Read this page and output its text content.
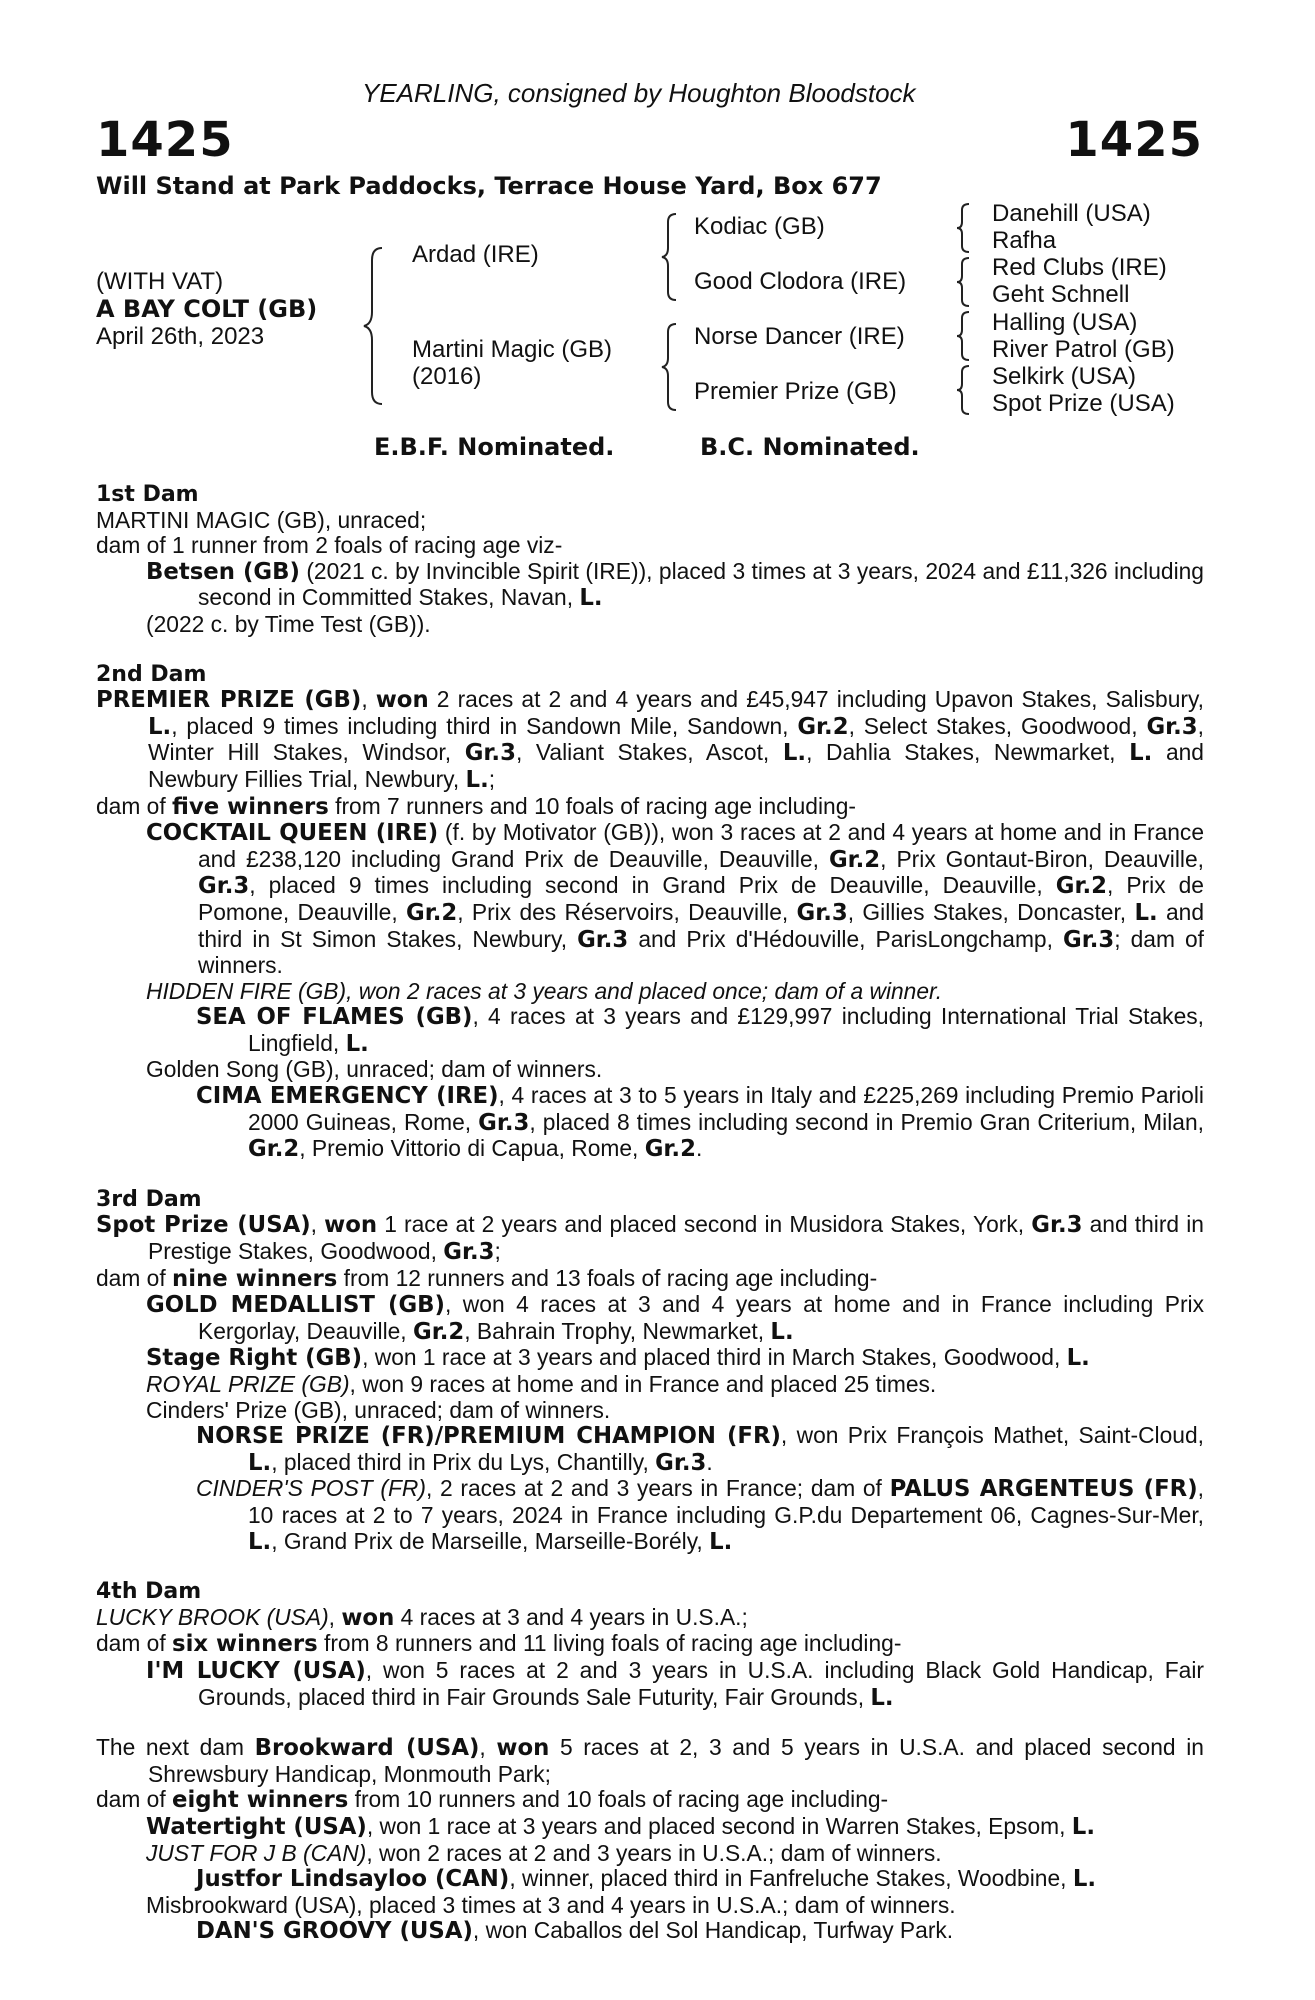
YEARLING, consigned by Houghton Bloodstock
1425	1425
Will Stand at Park Paddocks, Terrace House Yard, Box 677
(WITH VAT)
A BAY COLT (GB)
April 26th, 2023
Ardad (IRE)
Martini Magic (GB)
(2016)
Kodiac (GB)
Good Clodora (IRE)
Norse Dancer (IRE)
Premier Prize (GB)
Danehill (USA)
Rafha
Red Clubs (IRE)
Geht Schnell
Halling (USA)
River Patrol (GB)
Selkirk (USA)
Spot Prize (USA)
E.B.F. Nominated.	B.C. Nominated.

1st Dam

MARTINI MAGIC (GB), unraced;

dam of 1 runner from 2 foals of racing age viz-

Betsen (GB) (2021 c. by Invincible Spirit (IRE)), placed 3 times at 3 years, 2024 and £11,326 including second in Committed Stakes, Navan, L.

(2022 c. by Time Test (GB)).

2nd Dam

PREMIER PRIZE (GB), won 2 races at 2 and 4 years and £45,947 including Upavon Stakes, Salisbury, L., placed 9 times including third in Sandown Mile, Sandown, Gr.2, Select Stakes, Goodwood, Gr.3, Winter Hill Stakes, Windsor, Gr.3, Valiant Stakes, Ascot, L., Dahlia Stakes, Newmarket, L. and Newbury Fillies Trial, Newbury, L.;

dam of five winners from 7 runners and 10 foals of racing age including-

COCKTAIL QUEEN (IRE) (f. by Motivator (GB)), won 3 races at 2 and 4 years at home and in France and £238,120 including Grand Prix de Deauville, Deauville, Gr.2, Prix Gontaut-Biron, Deauville, Gr.3, placed 9 times including second in Grand Prix de Deauville, Deauville, Gr.2, Prix de Pomone, Deauville, Gr.2, Prix des Réservoirs, Deauville, Gr.3, Gillies Stakes, Doncaster, L. and third in St Simon Stakes, Newbury, Gr.3 and Prix d'Hédouville, ParisLongchamp, Gr.3; dam of winners.

HIDDEN FIRE (GB), won 2 races at 3 years and placed once; dam of a winner.

SEA OF FLAMES (GB), 4 races at 3 years and £129,997 including International Trial Stakes, Lingfield, L.

Golden Song (GB), unraced; dam of winners.

CIMA EMERGENCY (IRE), 4 races at 3 to 5 years in Italy and £225,269 including Premio Parioli 2000 Guineas, Rome, Gr.3, placed 8 times including second in Premio Gran Criterium, Milan, Gr.2, Premio Vittorio di Capua, Rome, Gr.2.

3rd Dam

Spot Prize (USA), won 1 race at 2 years and placed second in Musidora Stakes, York, Gr.3 and third in Prestige Stakes, Goodwood, Gr.3;

dam of nine winners from 12 runners and 13 foals of racing age including-

GOLD MEDALLIST (GB), won 4 races at 3 and 4 years at home and in France including Prix Kergorlay, Deauville, Gr.2, Bahrain Trophy, Newmarket, L.

Stage Right (GB), won 1 race at 3 years and placed third in March Stakes, Goodwood, L.

ROYAL PRIZE (GB), won 9 races at home and in France and placed 25 times.

Cinders' Prize (GB), unraced; dam of winners.

NORSE PRIZE (FR)/PREMIUM CHAMPION (FR), won Prix François Mathet, Saint-Cloud, L., placed third in Prix du Lys, Chantilly, Gr.3.

CINDER'S POST (FR), 2 races at 2 and 3 years in France; dam of PALUS ARGENTEUS (FR), 10 races at 2 to 7 years, 2024 in France including G.P.du Departement 06, Cagnes-Sur-Mer, L., Grand Prix de Marseille, Marseille-Borély, L.

4th Dam

LUCKY BROOK (USA), won 4 races at 3 and 4 years in U.S.A.;

dam of six winners from 8 runners and 11 living foals of racing age including-

I'M LUCKY (USA), won 5 races at 2 and 3 years in U.S.A. including Black Gold Handicap, Fair Grounds, placed third in Fair Grounds Sale Futurity, Fair Grounds, L.

The next dam Brookward (USA), won 5 races at 2, 3 and 5 years in U.S.A. and placed second in Shrewsbury Handicap, Monmouth Park;

dam of eight winners from 10 runners and 10 foals of racing age including-

Watertight (USA), won 1 race at 3 years and placed second in Warren Stakes, Epsom, L.

JUST FOR J B (CAN), won 2 races at 2 and 3 years in U.S.A.; dam of winners.

Justfor Lindsayloo (CAN), winner, placed third in Fanfreluche Stakes, Woodbine, L.

Misbrookward (USA), placed 3 times at 3 and 4 years in U.S.A.; dam of winners.

DAN'S GROOVY (USA), won Caballos del Sol Handicap, Turfway Park.
